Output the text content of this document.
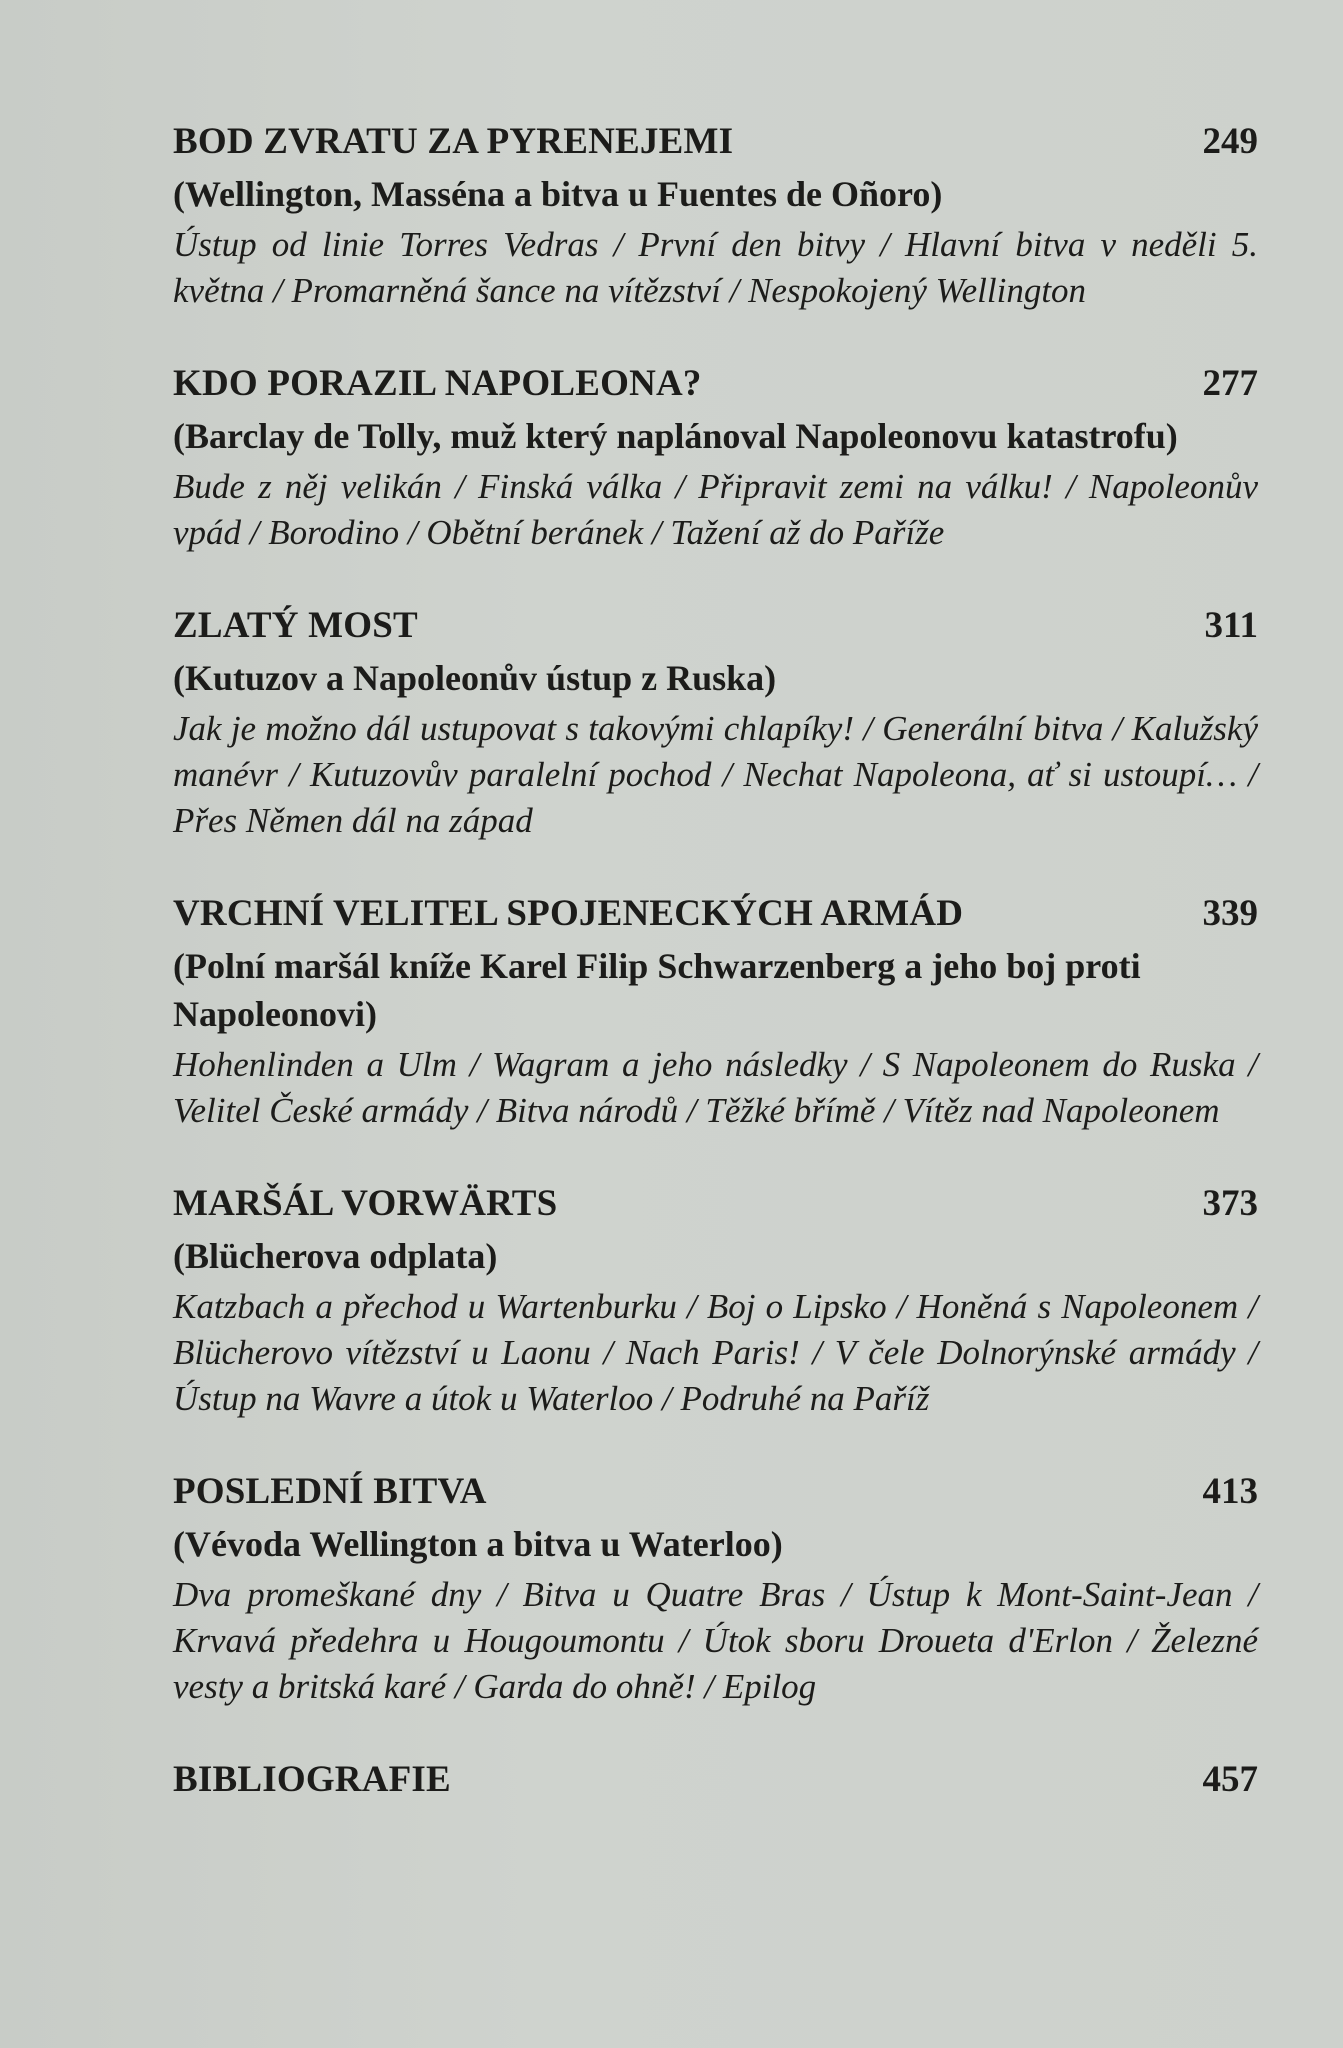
BOD ZVRATU ZA PYRENEJEMI	249
(Wellington, Masséna a bitva u Fuentes de Oñoro)
Ústup od linie Torres Vedras / První den bitvy / Hlavní bitva v neděli 5. května / Promarněná šance na vítězství / Nespokojený Wellington
KDO PORAZIL NAPOLEONA?	277
(Barclay de Tolly, muž který naplánoval Napoleonovu katastrofu)
Bude z něj velikán / Finská válka / Připravit zemi na válku! / Napoleonův vpád / Borodino / Obětní beránek / Tažení až do Paříže
ZLATÝ MOST	311
(Kutuzov a Napoleonův ústup z Ruska)
Jak je možno dál ustupovat s takovými chlapíky! / Generální bitva / Kalužský manévr / Kutuzovův paralelní pochod / Nechat Napoleona, ať si ustoupí… / Přes Němen dál na západ
VRCHNÍ VELITEL SPOJENECKÝCH ARMÁD	339
(Polní maršál kníže Karel Filip Schwarzenberg a jeho boj proti Napoleonovi)
Hohenlinden a Ulm / Wagram a jeho následky / S Napoleonem do Ruska / Velitel České armády / Bitva národů / Těžké břímě / Vítěz nad Napoleonem
MARŠÁL VORWÄRTS	373
(Blücherova odplata)
Katzbach a přechod u Wartenburku / Boj o Lipsko / Honěná s Napoleonem / Blücherovo vítězství u Laonu / Nach Paris! / V čele Dolnorýnské armády / Ústup na Wavre a útok u Waterloo / Podruhé na Paříž
POSLEDNÍ BITVA	413
(Vévoda Wellington a bitva u Waterloo)
Dva promeškané dny / Bitva u Quatre Bras / Ústup k Mont-Saint-Jean / Krvavá předehra u Hougoumontu / Útok sboru Droueta d'Erlon / Železné vesty a britská karé / Garda do ohně! / Epilog
BIBLIOGRAFIE	457
